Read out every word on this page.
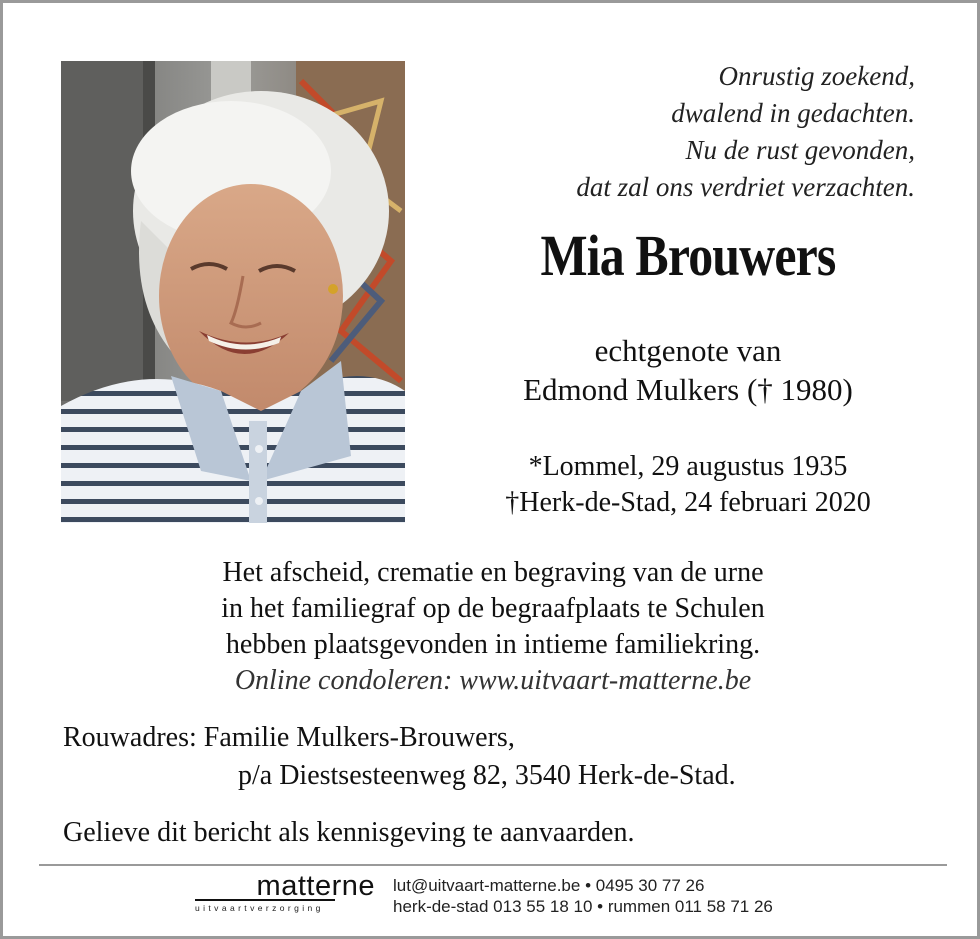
Onrustig zoekend,
dwalend in gedachten.
Nu de rust gevonden,
dat zal ons verdriet verzachten.
Mia Brouwers
echtgenote van
Edmond Mulkers († 1980)
*Lommel, 29 augustus 1935
†Herk-de-Stad, 24 februari 2020
Het afscheid, crematie en begraving van de urne
in het familiegraf op de begraafplaats te Schulen
hebben plaatsgevonden in intieme familiekring.
Online condoleren: www.uitvaart-matterne.be
Rouwadres: Familie Mulkers-Brouwers,
p/a Diestsesteenweg 82, 3540 Herk-de-Stad.
Gelieve dit bericht als kennisgeving te aanvaarden.
matterne
uitvaartverzorging
lut@uitvaart-matterne.be • 0495 30 77 26
herk-de-stad 013 55 18 10 • rummen 011 58 71 26
